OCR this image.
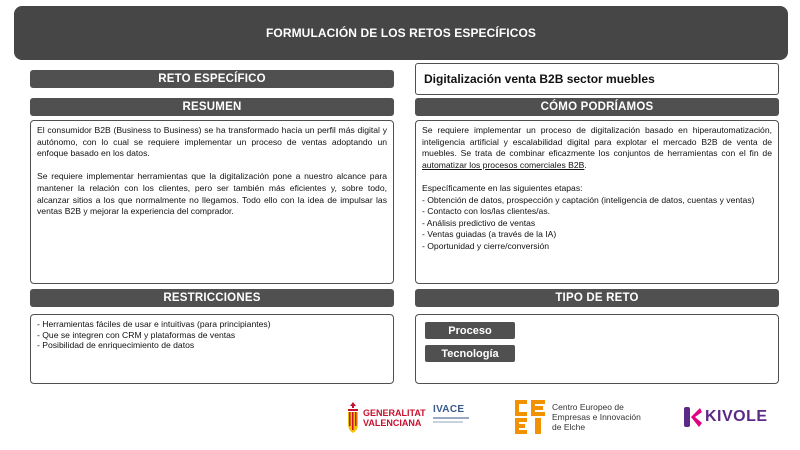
FORMULACIÓN DE LOS RETOS ESPECÍFICOS
RETO ESPECÍFICO	Digitalización venta B2B sector muebles
RESUMEN
El consumidor B2B (Business to Business) se ha transformado hacia un perfil más digital y autónomo, con lo cual se requiere implementar un proceso de ventas adoptando un enfoque basado en los datos.

Se requiere implementar herramientas que la digitalización pone a nuestro alcance para mantener la relación con los clientes, pero ser también más eficientes y, sobre todo, alcanzar sitios a los que normalmente no llegamos. Todo ello con la idea de impulsar las ventas B2B y mejorar la experiencia del comprador.
CÓMO PODRÍAMOS
Se requiere implementar un proceso de digitalización basado en hiperautomatización, inteligencia artificial y escalabilidad digital para explotar el mercado B2B de venta de muebles. Se trata de combinar eficazmente los conjuntos de herramientas con el fin de automatizar los procesos comerciales B2B.

Específicamente en las siguientes etapas:
- Obtención de datos, prospección y captación (inteligencia de datos, cuentas y ventas)
- Contacto con los/las clientes/as.
- Análisis predictivo de ventas
- Ventas guiadas (a través de la IA)
- Oportunidad y cierre/conversión
RESTRICCIONES
- Herramientas fáciles de usar e intuitivas (para principiantes)
- Que se integren con CRM y plataformas de ventas
- Posibilidad de enriquecimiento de datos
TIPO DE RETO
Proceso
Tecnología
GENERALITAT
VALENCIANA
IVACE	Centro Europeo de
Empresas e Innovación
de Elche
KIVOLE
